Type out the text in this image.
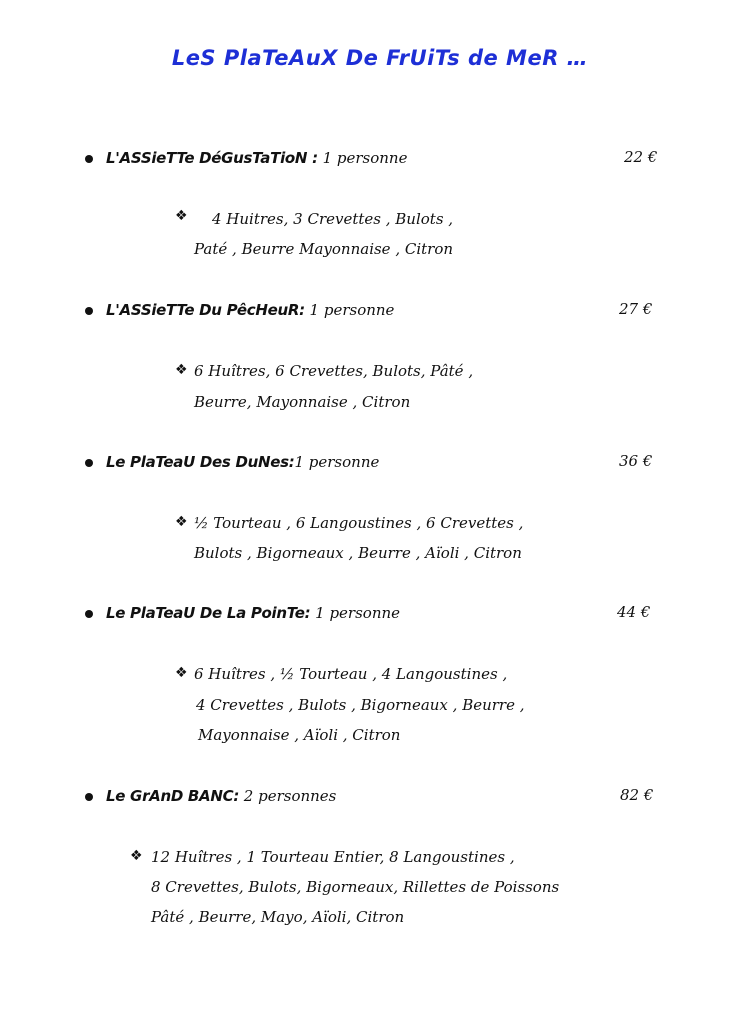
LeS PlaTeAuX De FrUiTs de MeR …
L'ASSieTTe DéGusTaTioN : 1 personne	22 €
❖ 4 Huitres, 3 Crevettes , Bulots ,
Paté , Beurre Mayonnaise , Citron
L'ASSieTTe Du PêcHeuR: 1 personne	27 €
❖ 6 Huîtres, 6 Crevettes, Bulots, Pâté ,
Beurre, Mayonnaise , Citron
Le PlaTeaU Des DuNes:1 personne	36 €
❖ ½ Tourteau , 6 Langoustines , 6 Crevettes ,
Bulots , Bigorneaux , Beurre , Aïoli , Citron
Le PlaTeaU De La PoinTe: 1 personne	44 €
❖ 6 Huîtres , ½ Tourteau , 4 Langoustines ,
4 Crevettes , Bulots , Bigorneaux , Beurre ,
Mayonnaise , Aïoli , Citron
Le GrAnD BANC: 2 personnes	82 €
❖ 12 Huîtres , 1 Tourteau Entier, 8 Langoustines ,
8 Crevettes, Bulots, Bigorneaux, Rillettes de Poissons
Pâté , Beurre, Mayo, Aïoli, Citron
